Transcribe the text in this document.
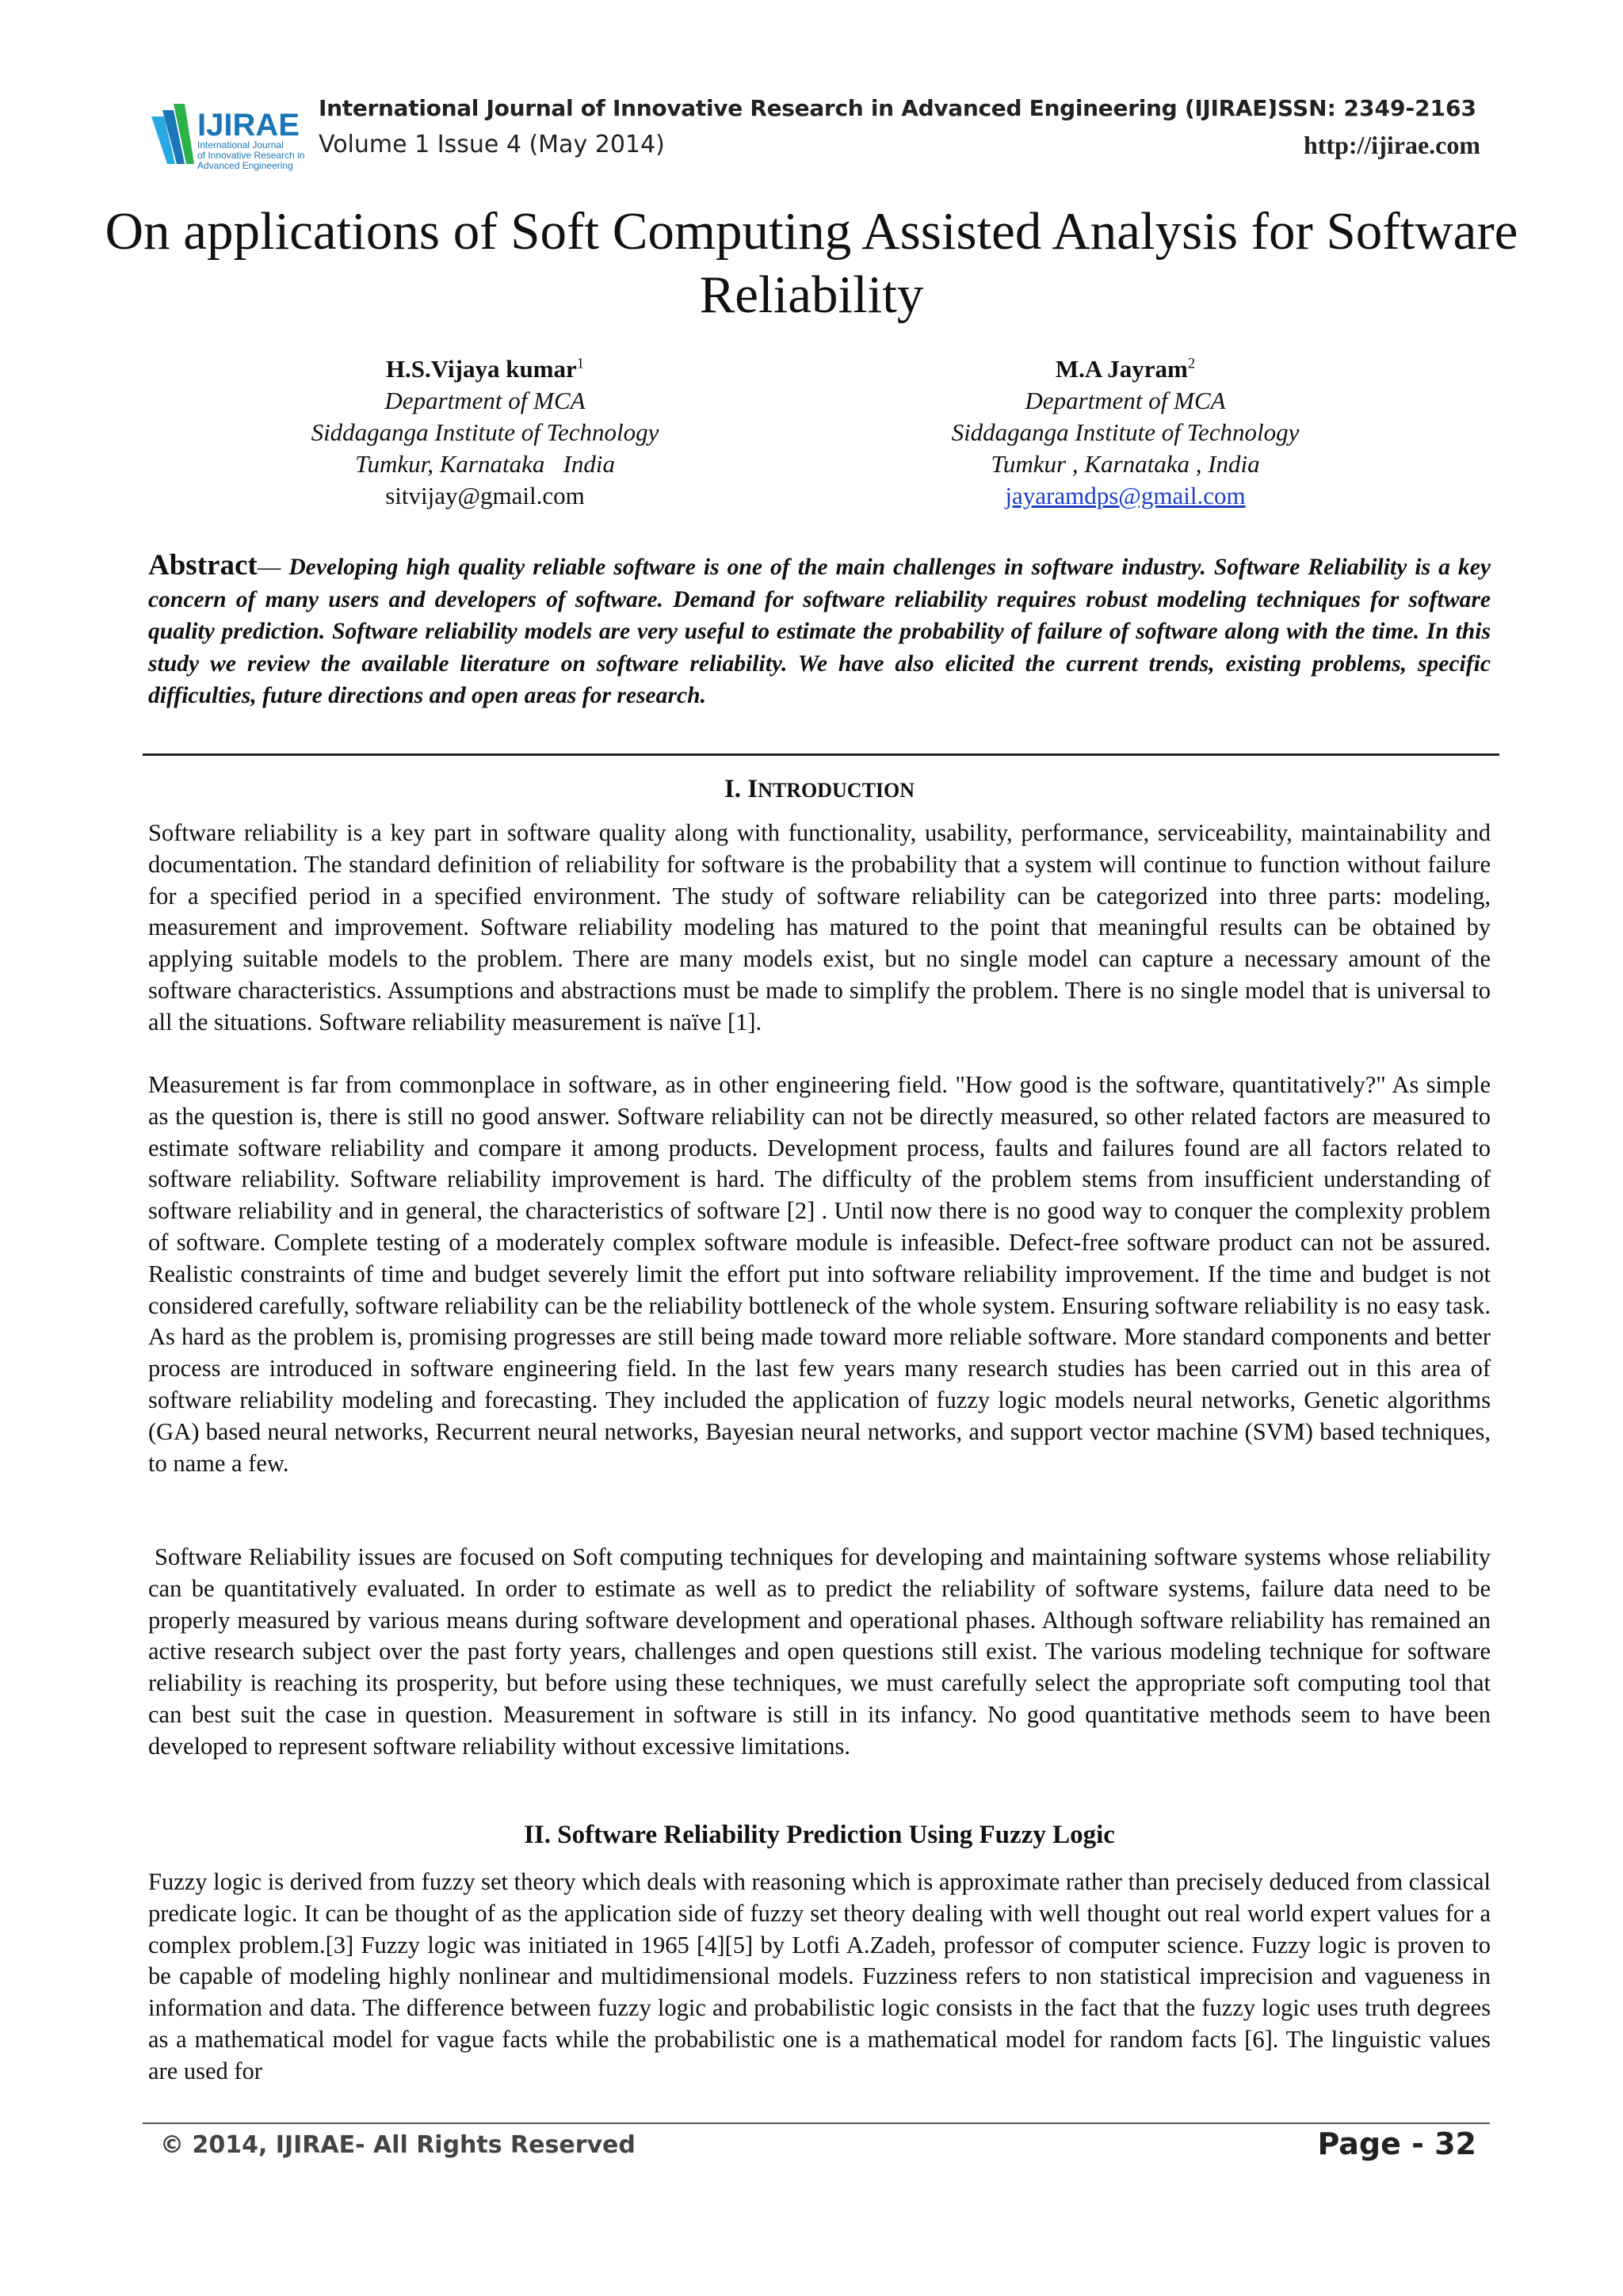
IJIRAE
International Journal
of Innovative Research in
Advanced Engineering
International Journal of Innovative Research in Advanced Engineering (IJIRAE)
Volume 1 Issue 4 (May 2014)
ISSN: 2349-2163
http://ijirae.com
On applications of Soft Computing Assisted Analysis for Software Reliability
H.S.Vijaya kumar$^1$
Department of MCA
Siddaganga Institute of Technology
Tumkur, Karnataka   India
sitvijay@gmail.com
M.A Jayram$^2$
Department of MCA
Siddaganga Institute of Technology
Tumkur , Karnataka , India
jayaramdps@gmail.com
Abstract— Developing high quality reliable software is one of the main challenges in software industry. Software Reliability is a key concern of many users and developers of software. Demand for software reliability requires robust modeling techniques for software quality prediction. Software reliability models are very useful to estimate the probability of failure of software along with the time. In this study we review the available literature on software reliability. We have also elicited the current trends, existing problems, specific difficulties, future directions and open areas for research.
I. INTRODUCTION

Software reliability is a key part in software quality along with functionality, usability, performance, serviceability, maintainability and documentation. The standard definition of reliability for software is the probability that a system will continue to function without failure for a specified period in a specified environment. The study of software reliability can be categorized into three parts: modeling, measurement and improvement. Software reliability modeling has matured to the point that meaningful results can be obtained by applying suitable models to the problem. There are many models exist, but no single model can capture a necessary amount of the software characteristics. Assumptions and abstractions must be made to simplify the problem. There is no single model that is universal to all the situations. Software reliability measurement is naïve [1].

Measurement is far from commonplace in software, as in other engineering field. "How good is the software, quantitatively?" As simple as the question is, there is still no good answer. Software reliability can not be directly measured, so other related factors are measured to estimate software reliability and compare it among products. Development process, faults and failures found are all factors related to software reliability. Software reliability improvement is hard. The difficulty of the problem stems from insufficient understanding of software reliability and in general, the characteristics of software [2] . Until now there is no good way to conquer the complexity problem of software. Complete testing of a moderately complex software module is infeasible. Defect-free software product can not be assured. Realistic constraints of time and budget severely limit the effort put into software reliability improvement. If the time and budget is not considered carefully, software reliability can be the reliability bottleneck of the whole system. Ensuring software reliability is no easy task. As hard as the problem is, promising progresses are still being made toward more reliable software. More standard components and better process are introduced in software engineering field. In the last few years many research studies has been carried out in this area of software reliability modeling and forecasting. They included the application of fuzzy logic models neural networks, Genetic algorithms (GA) based neural networks, Recurrent neural networks, Bayesian neural networks, and support vector machine (SVM) based techniques, to name a few.

Software Reliability issues are focused on Soft computing techniques for developing and maintaining software systems whose reliability can be quantitatively evaluated. In order to estimate as well as to predict the reliability of software systems, failure data need to be properly measured by various means during software development and operational phases. Although software reliability has remained an active research subject over the past forty years, challenges and open questions still exist. The various modeling technique for software reliability is reaching its prosperity, but before using these techniques, we must carefully select the appropriate soft computing tool that can best suit the case in question. Measurement in software is still in its infancy. No good quantitative methods seem to have been developed to represent software reliability without excessive limitations.

II. Software Reliability Prediction Using Fuzzy Logic

Fuzzy logic is derived from fuzzy set theory which deals with reasoning which is approximate rather than precisely deduced from classical predicate logic. It can be thought of as the application side of fuzzy set theory dealing with well thought out real world expert values for a complex problem.[3] Fuzzy logic was initiated in 1965 [4][5] by Lotfi A.Zadeh, professor of computer science. Fuzzy logic is proven to be capable of modeling highly nonlinear and multidimensional models. Fuzziness refers to non statistical imprecision and vagueness in information and data. The difference between fuzzy logic and probabilistic logic consists in the fact that the fuzzy logic uses truth degrees as a mathematical model for vague facts while the probabilistic one is a mathematical model for random facts [6]. The linguistic values are used for

© 2014, IJIRAE- All Rights Reserved	Page - 32
